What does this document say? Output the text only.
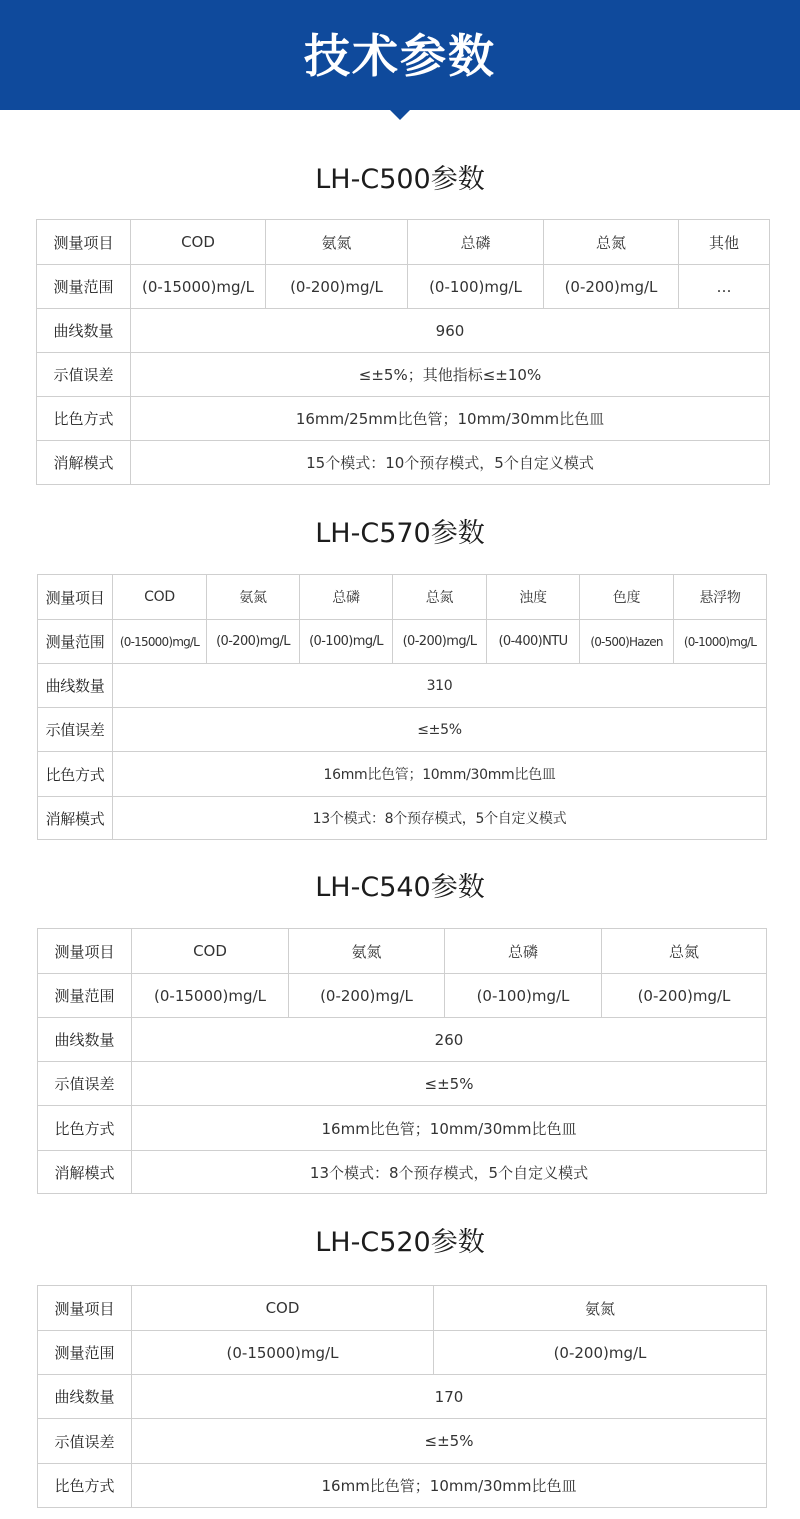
技术参数
LH-C500参数
测量项目	COD	氨氮	总磷	总氮	其他
测量范围	(0-15000)mg/L	(0-200)mg/L	(0-100)mg/L	(0-200)mg/L	…
曲线数量	960				
示值误差	≤±5%；其他指标≤±10%				
比色方式	16mm/25mm比色管；10mm/30mm比色皿				
消解模式	15个模式：10个预存模式，5个自定义模式				
LH-C570参数
测量项目	COD	氨氮	总磷	总氮	浊度	色度	悬浮物
测量范围	(0-15000)mg/L	(0-200)mg/L	(0-100)mg/L	(0-200)mg/L	(0-400)NTU	(0-500)Hazen	(0-1000)mg/L
曲线数量	310						
示值误差	≤±5%						
比色方式	16mm比色管；10mm/30mm比色皿						
消解模式	13个模式：8个预存模式，5个自定义模式						
LH-C540参数
测量项目	COD	氨氮	总磷	总氮
测量范围	(0-15000)mg/L	(0-200)mg/L	(0-100)mg/L	(0-200)mg/L
曲线数量	260			
示值误差	≤±5%			
比色方式	16mm比色管；10mm/30mm比色皿			
消解模式	13个模式：8个预存模式，5个自定义模式			
LH-C520参数
测量项目	COD	氨氮
测量范围	(0-15000)mg/L	(0-200)mg/L
曲线数量	170	
示值误差	≤±5%	
比色方式	16mm比色管；10mm/30mm比色皿	
